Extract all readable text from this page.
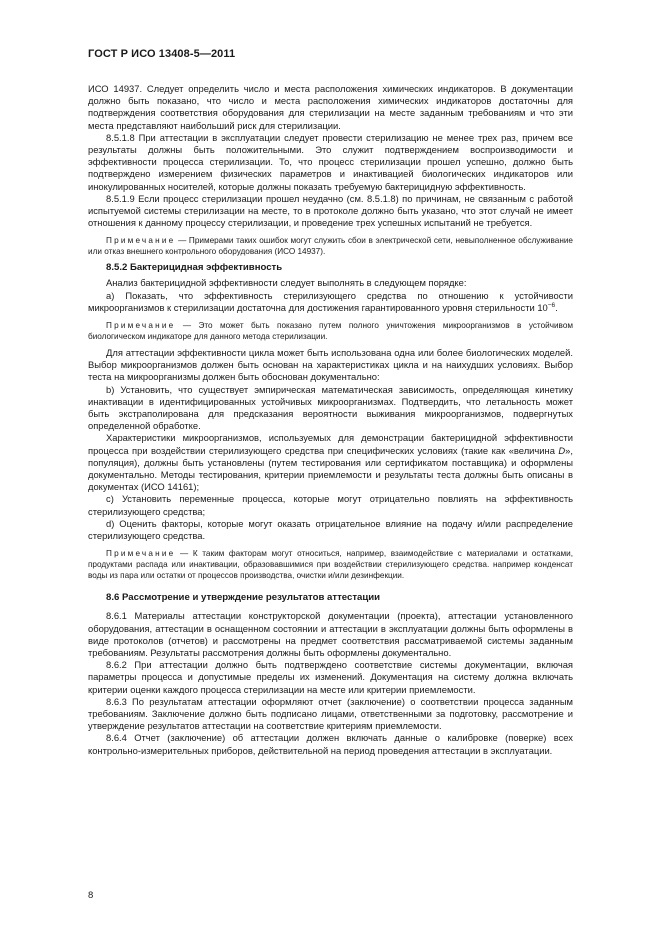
ГОСТ Р ИСО 13408-5—2011

ИСО 14937. Следует определить число и места расположения химических индикаторов. В документации должно быть показано, что число и места расположения химических индикаторов достаточны для подтверждения соответствия оборудования для стерилизации на месте заданным требованиям и что эти места представляют наибольший риск для стерилизации.

8.5.1.8 При аттестации в эксплуатации следует провести стерилизацию не менее трех раз, причем все результаты должны быть положительными. Это служит подтверждением воспроизводимости и эффективности процесса стерилизации. То, что процесс стерилизации прошел успешно, должно быть подтверждено измерением физических параметров и инактивацией биологических индикаторов или инокулированных носителей, которые должны показать требуемую бактерицидную эффективность.

8.5.1.9 Если процесс стерилизации прошел неудачно (см. 8.5.1.8) по причинам, не связанным с работой испытуемой системы стерилизации на месте, то в протоколе должно быть указано, что этот случай не имеет отношения к данному процессу стерилизации, и проведение трех успешных испытаний не требуется.

Примечание — Примерами таких ошибок могут служить сбои в электрической сети, невыполненное обслуживание или отказ внешнего контрольного оборудования (ИСО 14937).
8.5.2 Бактерицидная эффективность

Анализ бактерицидной эффективности следует выполнять в следующем порядке:

a) Показать, что эффективность стерилизующего средства по отношению к устойчивости микроорганизмов к стерилизации достаточна для достижения гарантированного уровня стерильности $10^{-6}$.

Примечание — Это может быть показано путем полного уничтожения микроорганизмов в устойчивом биологическом индикаторе для данного метода стерилизации.

Для аттестации эффективности цикла может быть использована одна или более биологических моделей. Выбор микроорганизмов должен быть основан на характеристиках цикла и на наихудших условиях. Выбор теста на микроорганизмы должен быть обоснован документально:

b) Установить, что существует эмпирическая математическая зависимость, определяющая кинетику инактивации в идентифицированных устойчивых микроорганизмах. Подтвердить, что летальность может быть экстраполирована для предсказания вероятности выживания микроорганизмов, подвергнутых определенной обработке.

Характеристики микроорганизмов, используемых для демонстрации бактерицидной эффективности процесса при воздействии стерилизующего средства при специфических условиях (такие как «величина D», популяция), должны быть установлены (путем тестирования или сертификатом поставщика) и оформлены документально. Методы тестирования, критерии приемлемости и результаты теста должны быть описаны в документах (ИСО 14161);

c) Установить переменные процесса, которые могут отрицательно повлиять на эффективность стерилизующего средства;

d) Оценить факторы, которые могут оказать отрицательное влияние на подачу и/или распределение стерилизующего средства.

Примечание — К таким факторам могут относиться, например, взаимодействие с материалами и остатками, продуктами распада или инактивации, образовавшимися при воздействии стерилизующего средства. например конденсат воды из пара или остатки от процессов производства, очистки и/или дезинфекции.
8.6 Рассмотрение и утверждение результатов аттестации

8.6.1 Материалы аттестации конструкторской документации (проекта), аттестации установленного оборудования, аттестации в оснащенном состоянии и аттестации в эксплуатации должны быть оформлены в виде протоколов (отчетов) и рассмотрены на предмет соответствия рассматриваемой системы заданным требованиям. Результаты рассмотрения должны быть оформлены документально.

8.6.2 При аттестации должно быть подтверждено соответствие системы документации, включая параметры процесса и допустимые пределы их изменений. Документация на систему должна включать критерии оценки каждого процесса стерилизации на месте или критерии приемлемости.

8.6.3 По результатам аттестации оформляют отчет (заключение) о соответствии процесса заданным требованиям. Заключение должно быть подписано лицами, ответственными за подготовку, рассмотрение и утверждение результатов аттестации на соответствие критериям приемлемости.

8.6.4 Отчет (заключение) об аттестации должен включать данные о калибровке (поверке) всех контрольно-измерительных приборов, действительной на период проведения аттестации в эксплуатации.

8
